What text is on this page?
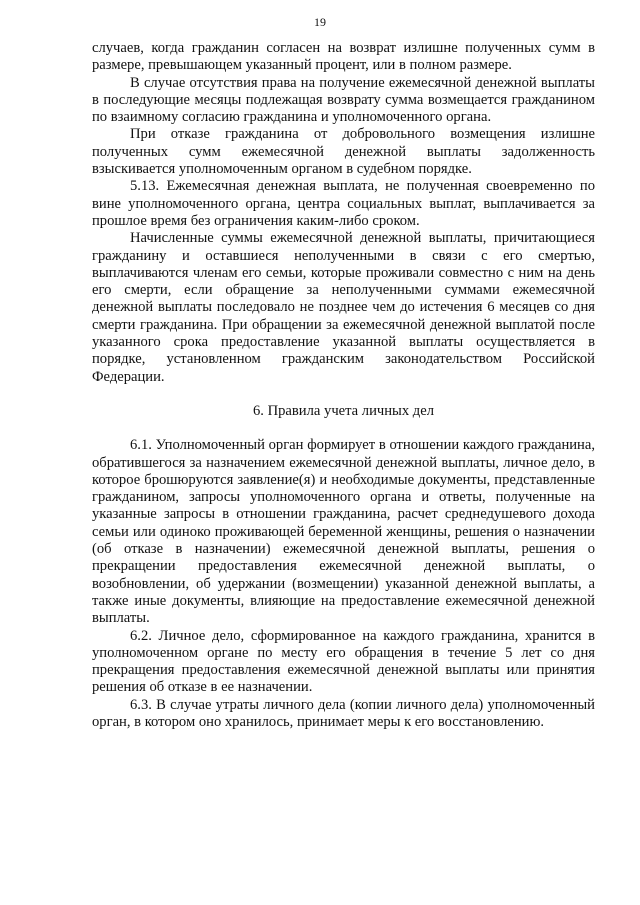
19

случаев, когда гражданин согласен на возврат излишне полученных сумм в размере, превышающем указанный процент, или в полном размере.

В случае отсутствия права на получение ежемесячной денежной выплаты в последующие месяцы подлежащая возврату сумма возмещается гражданином по взаимному согласию гражданина и уполномоченного органа.

При отказе гражданина от добровольного возмещения излишне полученных сумм ежемесячной денежной выплаты задолженность взыскивается уполномоченным органом в судебном порядке.

5.13. Ежемесячная денежная выплата, не полученная своевременно по вине уполномоченного органа, центра социальных выплат, выплачивается за прошлое время без ограничения каким-либо сроком.

Начисленные суммы ежемесячной денежной выплаты, причитающиеся гражданину и оставшиеся неполученными в связи с его смертью, выплачиваются членам его семьи, которые проживали совместно с ним на день его смерти, если обращение за неполученными суммами ежемесячной денежной выплаты последовало не позднее чем до истечения 6 месяцев со дня смерти гражданина. При обращении за ежемесячной денежной выплатой после указанного срока предоставление указанной выплаты осуществляется в порядке, установленном гражданским законодательством Российской Федерации.

6. Правила учета личных дел

6.1. Уполномоченный орган формирует в отношении каждого гражданина, обратившегося за назначением ежемесячной денежной выплаты, личное дело, в которое брошюруются заявление(я) и необходимые документы, представленные гражданином, запросы уполномоченного органа и ответы, полученные на указанные запросы в отношении гражданина, расчет среднедушевого дохода семьи или одиноко проживающей беременной женщины, решения о назначении (об отказе в назначении) ежемесячной денежной выплаты, решения о прекращении предоставления ежемесячной денежной выплаты, о возобновлении, об удержании (возмещении) указанной денежной выплаты, а также иные документы, влияющие на предоставление ежемесячной денежной выплаты.

6.2. Личное дело, сформированное на каждого гражданина, хранится в уполномоченном органе по месту его обращения в течение 5 лет со дня прекращения предоставления ежемесячной денежной выплаты или принятия решения об отказе в ее назначении.

6.3. В случае утраты личного дела (копии личного дела) уполномоченный орган, в котором оно хранилось, принимает меры к его восстановлению.
